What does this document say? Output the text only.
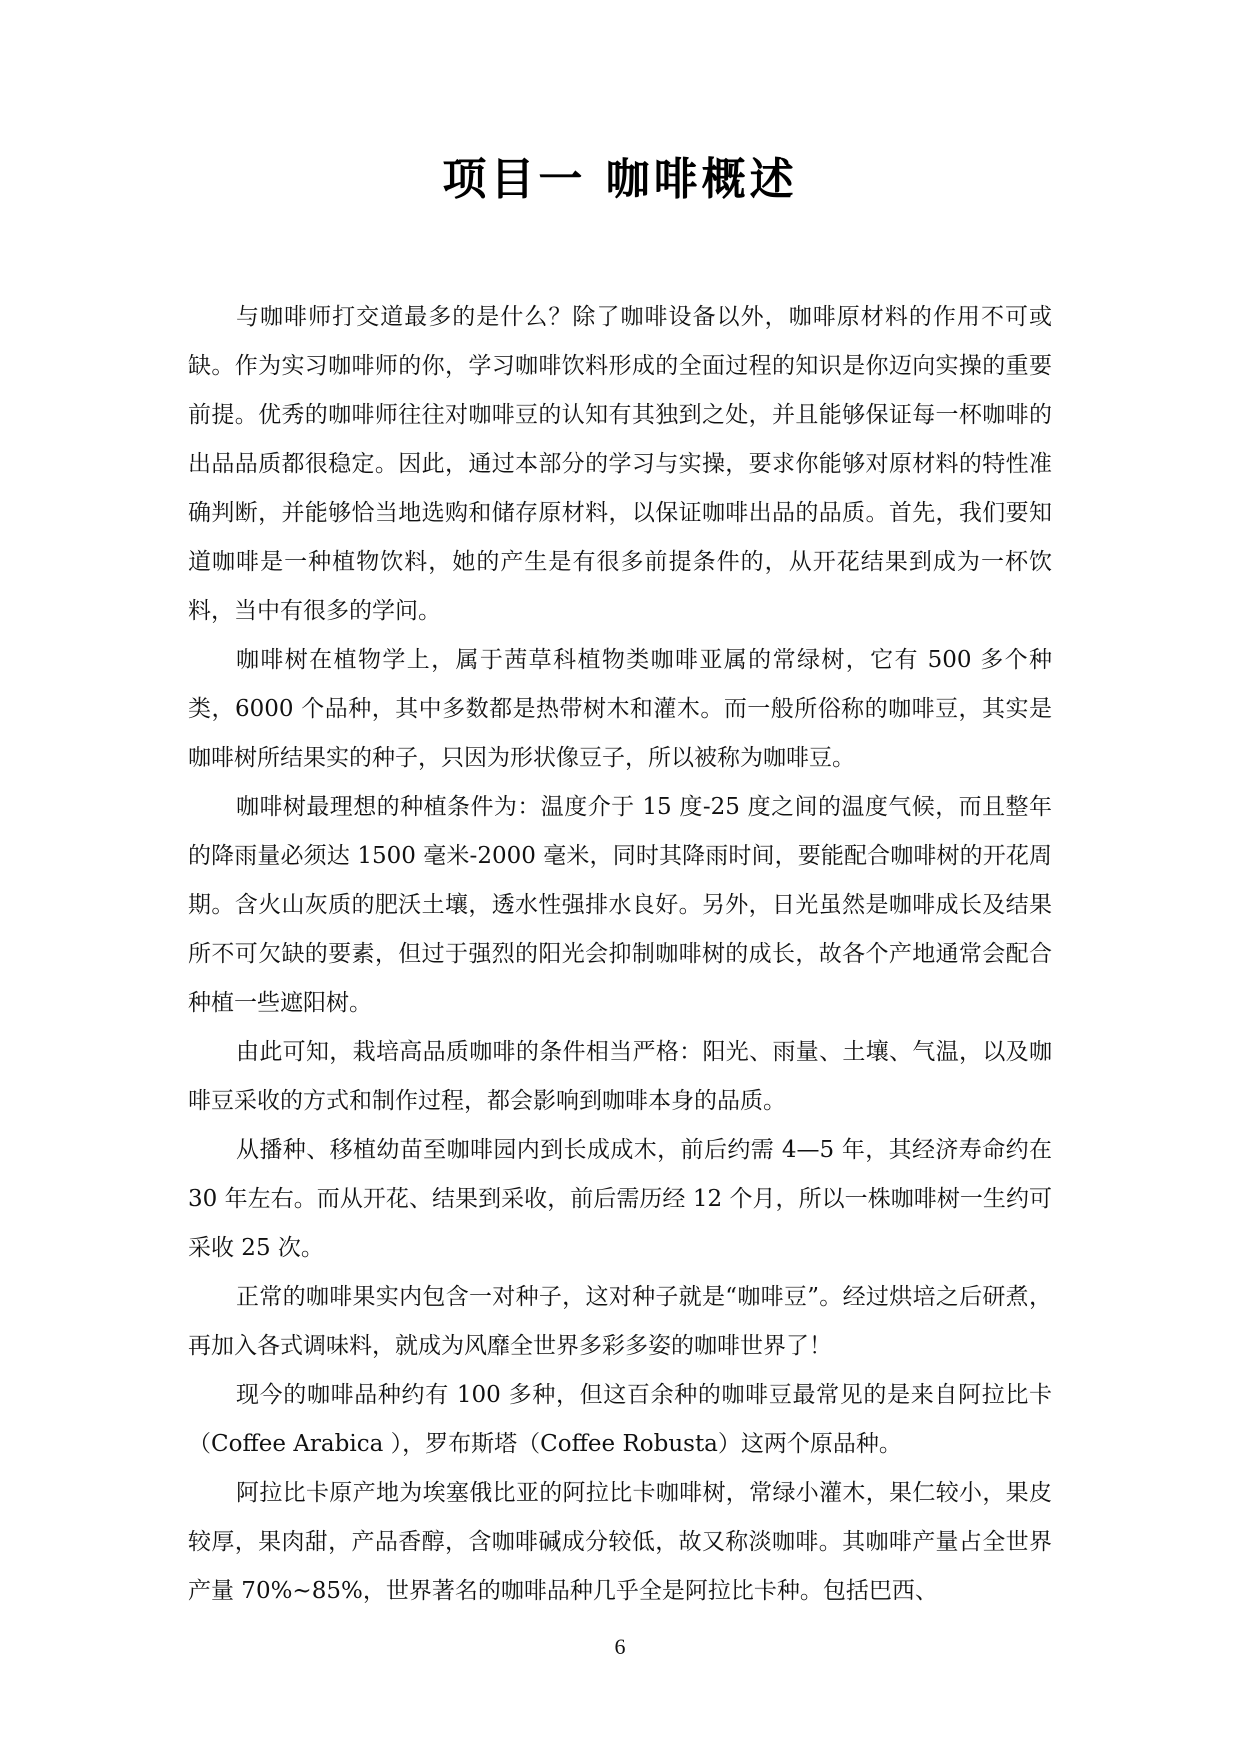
项目一 咖啡概述

与咖啡师打交道最多的是什么？除了咖啡设备以外，咖啡原材料的作用不可或缺。作为实习咖啡师的你，学习咖啡饮料形成的全面过程的知识是你迈向实操的重要前提。优秀的咖啡师往往对咖啡豆的认知有其独到之处，并且能够保证每一杯咖啡的出品品质都很稳定。因此，通过本部分的学习与实操，要求你能够对原材料的特性准确判断，并能够恰当地选购和储存原材料，以保证咖啡出品的品质。首先，我们要知道咖啡是一种植物饮料，她的产生是有很多前提条件的，从开花结果到成为一杯饮料，当中有很多的学问。

咖啡树在植物学上，属于茜草科植物类咖啡亚属的常绿树，它有 500 多个种类，6000 个品种，其中多数都是热带树木和灌木。而一般所俗称的咖啡豆，其实是咖啡树所结果实的种子，只因为形状像豆子，所以被称为咖啡豆。

咖啡树最理想的种植条件为：温度介于 15 度-25 度之间的温度气候，而且整年的降雨量必须达 1500 毫米-2000 毫米，同时其降雨时间，要能配合咖啡树的开花周期。含火山灰质的肥沃土壤，透水性强排水良好。另外，日光虽然是咖啡成长及结果所不可欠缺的要素，但过于强烈的阳光会抑制咖啡树的成长，故各个产地通常会配合种植一些遮阳树。

由此可知，栽培高品质咖啡的条件相当严格：阳光、雨量、土壤、气温，以及咖啡豆采收的方式和制作过程，都会影响到咖啡本身的品质。

从播种、移植幼苗至咖啡园内到长成成木，前后约需 4—5 年，其经济寿命约在 30 年左右。而从开花、结果到采收，前后需历经 12 个月，所以一株咖啡树一生约可采收 25 次。

正常的咖啡果实内包含一对种子，这对种子就是“咖啡豆”。经过烘培之后研煮，再加入各式调味料，就成为风靡全世界多彩多姿的咖啡世界了！

现今的咖啡品种约有 100 多种，但这百余种的咖啡豆最常见的是来自阿拉比卡（Coffee Arabica ），罗布斯塔（Coffee Robusta）这两个原品种。

阿拉比卡原产地为埃塞俄比亚的阿拉比卡咖啡树，常绿小灌木，果仁较小，果皮较厚，果肉甜，产品香醇，含咖啡碱成分较低，故又称淡咖啡。其咖啡产量占全世界产量 70%~85%，世界著名的咖啡品种几乎全是阿拉比卡种。包括巴西、

6
